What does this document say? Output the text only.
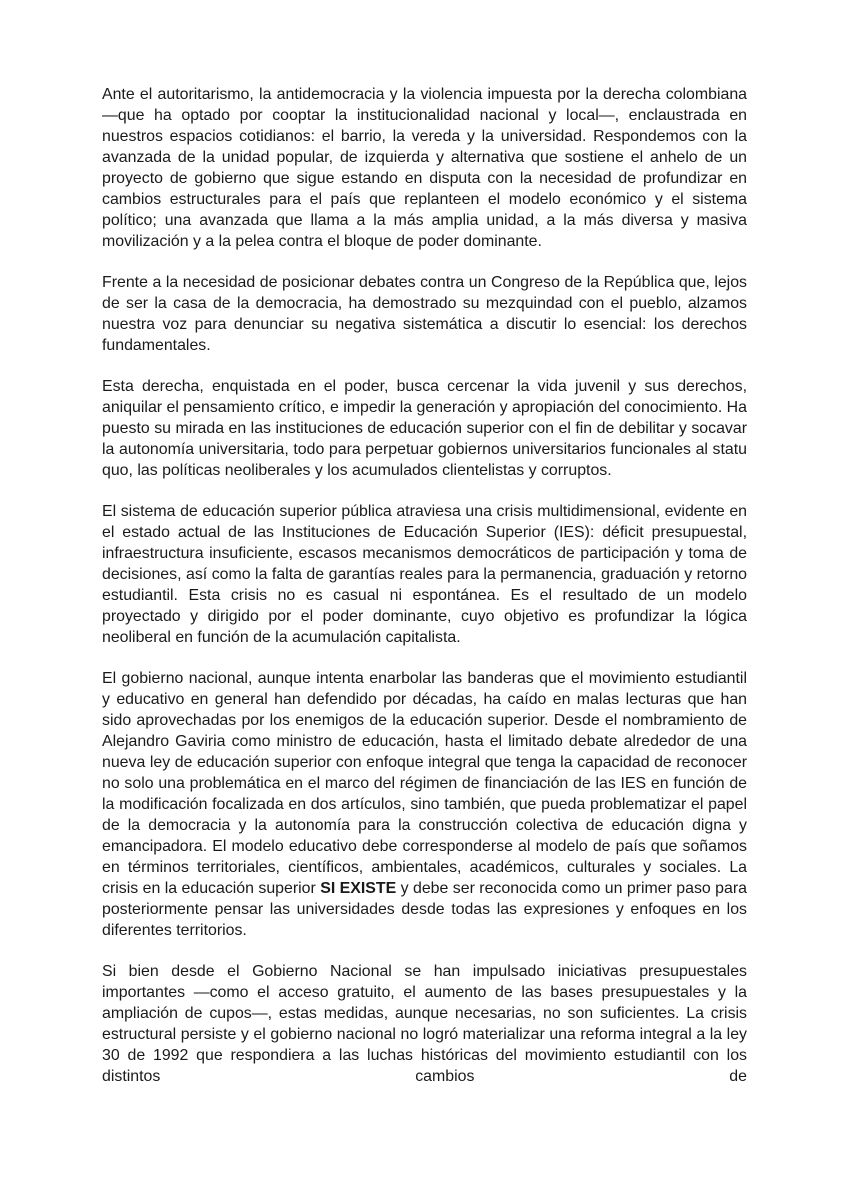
Ante el autoritarismo, la antidemocracia y la violencia impuesta por la derecha colombiana —que ha optado por cooptar la institucionalidad nacional y local—, enclaustrada en nuestros espacios cotidianos: el barrio, la vereda y la universidad. Respondemos con la avanzada de la unidad popular, de izquierda y alternativa que sostiene el anhelo de un proyecto de gobierno que sigue estando en disputa con la necesidad de profundizar en cambios estructurales para el país que replanteen el modelo económico y el sistema político; una avanzada que llama a la más amplia unidad, a la más diversa y masiva movilización y a la pelea contra el bloque de poder dominante.

Frente a la necesidad de posicionar debates contra un Congreso de la República que, lejos de ser la casa de la democracia, ha demostrado su mezquindad con el pueblo, alzamos nuestra voz para denunciar su negativa sistemática a discutir lo esencial: los derechos fundamentales.

Esta derecha, enquistada en el poder, busca cercenar la vida juvenil y sus derechos, aniquilar el pensamiento crítico, e impedir la generación y apropiación del conocimiento. Ha puesto su mirada en las instituciones de educación superior con el fin de debilitar y socavar la autonomía universitaria, todo para perpetuar gobiernos universitarios funcionales al statu quo, las políticas neoliberales y los acumulados clientelistas y corruptos.

El sistema de educación superior pública atraviesa una crisis multidimensional, evidente en el estado actual de las Instituciones de Educación Superior (IES): déficit presupuestal, infraestructura insuficiente, escasos mecanismos democráticos de participación y toma de decisiones, así como la falta de garantías reales para la permanencia, graduación y retorno estudiantil. Esta crisis no es casual ni espontánea. Es el resultado de un modelo proyectado y dirigido por el poder dominante, cuyo objetivo es profundizar la lógica neoliberal en función de la acumulación capitalista.

El gobierno nacional, aunque intenta enarbolar las banderas que el movimiento estudiantil y educativo en general han defendido por décadas, ha caído en malas lecturas que han sido aprovechadas por los enemigos de la educación superior. Desde el nombramiento de Alejandro Gaviria como ministro de educación, hasta el limitado debate alrededor de una nueva ley de educación superior con enfoque integral que tenga la capacidad de reconocer no solo una problemática en el marco del régimen de financiación de las IES en función de la modificación focalizada en dos artículos, sino también, que pueda problematizar el papel de la democracia y la autonomía para la construcción colectiva de educación digna y emancipadora. El modelo educativo debe corresponderse al modelo de país que soñamos en términos territoriales, científicos, ambientales, académicos, culturales y sociales. La crisis en la educación superior SI EXISTE y debe ser reconocida como un primer paso para posteriormente pensar las universidades desde todas las expresiones y enfoques en los diferentes territorios.

Si bien desde el Gobierno Nacional se han impulsado iniciativas presupuestales importantes —como el acceso gratuito, el aumento de las bases presupuestales y la ampliación de cupos—, estas medidas, aunque necesarias, no son suficientes. La crisis estructural persiste y el gobierno nacional no logró materializar una reforma integral a la ley 30 de 1992 que respondiera a las luchas históricas del movimiento estudiantil con los distintos cambios de
